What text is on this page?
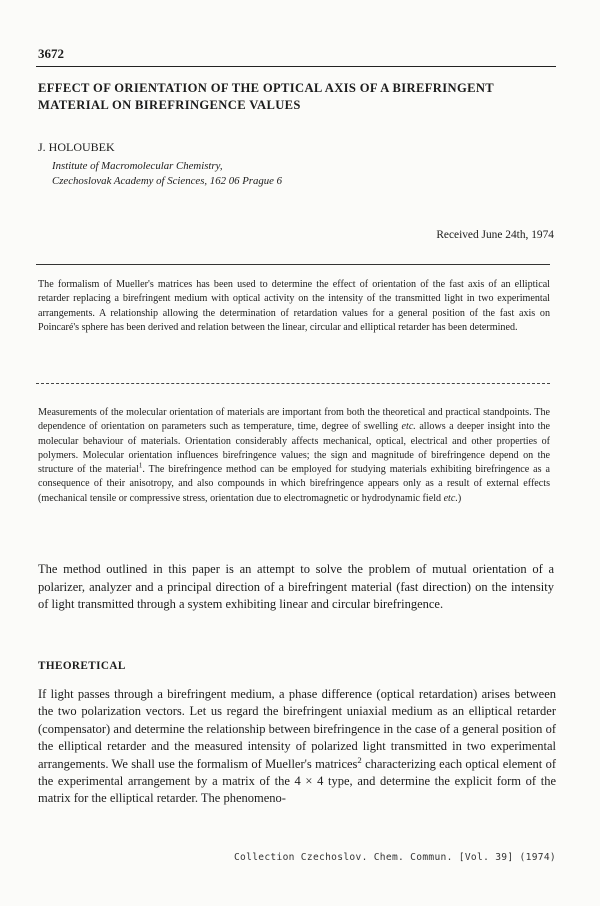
3672
EFFECT OF ORIENTATION OF THE OPTICAL AXIS OF A BIREFRINGENT MATERIAL ON BIREFRINGENCE VALUES
J. HOLOUBEK
Institute of Macromolecular Chemistry,
Czechoslovak Academy of Sciences, 162 06 Prague 6
Received June 24th, 1974
The formalism of Mueller's matrices has been used to determine the effect of orientation of the fast axis of an elliptical retarder replacing a birefringent medium with optical activity on the intensity of the transmitted light in two experimental arrangements. A relationship allowing the determination of retardation values for a general position of the fast axis on Poincaré's sphere has been derived and relation between the linear, circular and elliptical retarder has been determined.
Measurements of the molecular orientation of materials are important from both the theoretical and practical standpoints. The dependence of orientation on parameters such as temperature, time, degree of swelling etc. allows a deeper insight into the molecular behaviour of materials. Orientation considerably affects mechanical, optical, electrical and other properties of polymers. Molecular orientation influences birefringence values; the sign and magnitude of birefringence depend on the structure of the material$^1$. The birefringence method can be employed for studying materials exhibiting birefringence as a consequence of their anisotropy, and also compounds in which birefringence appears only as a result of external effects (mechanical tensile or compressive stress, orientation due to electromagnetic or hydrodynamic field etc.)
The method outlined in this paper is an attempt to solve the problem of mutual orientation of a polarizer, analyzer and a principal direction of a birefringent material (fast direction) on the intensity of light transmitted through a system exhibiting linear and circular birefringence.
THEORETICAL
If light passes through a birefringent medium, a phase difference (optical retardation) arises between the two polarization vectors. Let us regard the birefringent uniaxial medium as an elliptical retarder (compensator) and determine the relationship between birefringence in the case of a general position of the elliptical retarder and the measured intensity of polarized light transmitted in two experimental arrangements. We shall use the formalism of Mueller's matrices$^2$ characterizing each optical element of the experimental arrangement by a matrix of the 4 × 4 type, and determine the explicit form of the matrix for the elliptical retarder. The phenomeno-
Collection Czechoslov. Chem. Commun. [Vol. 39] (1974)
